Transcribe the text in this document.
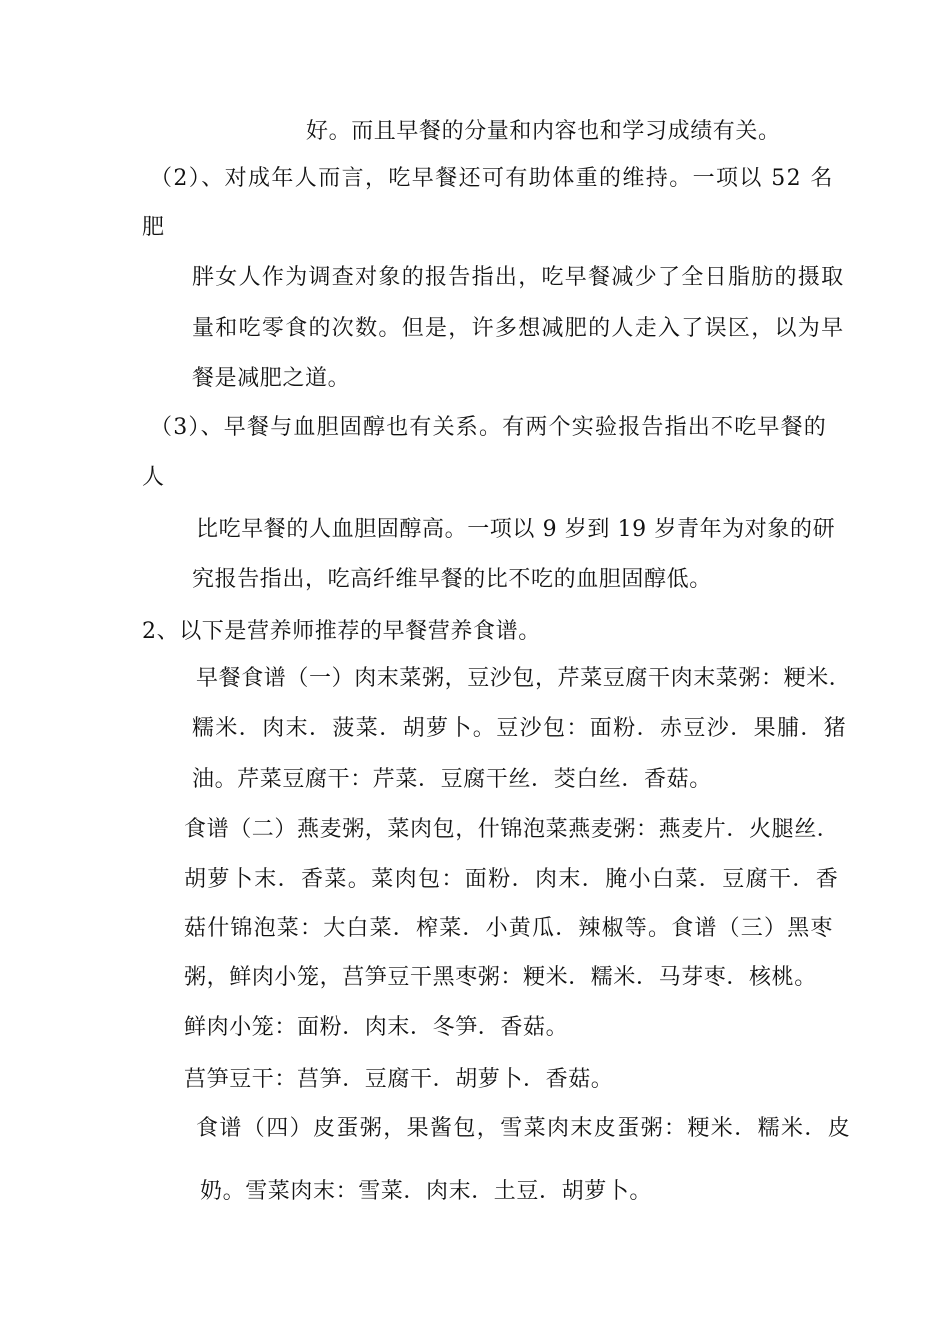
好。而且早餐的分量和内容也和学习成绩有关。

（2）、对成年人而言，吃早餐还可有助体重的维持。一项以 52 名

肥

胖女人作为调查对象的报告指出，吃早餐减少了全日脂肪的摄取

量和吃零食的次数。但是，许多想减肥的人走入了误区，以为早

餐是减肥之道。

（3）、早餐与血胆固醇也有关系。有两个实验报告指出不吃早餐的

人

比吃早餐的人血胆固醇高。一项以 9 岁到 19 岁青年为对象的研

究报告指出，吃高纤维早餐的比不吃的血胆固醇低。

2、以下是营养师推荐的早餐营养食谱。

早餐食谱（一）肉末菜粥，豆沙包，芹菜豆腐干肉末菜粥：粳米．

糯米．肉末．菠菜．胡萝卜。豆沙包：面粉．赤豆沙．果脯．猪

油。芹菜豆腐干：芹菜．豆腐干丝．茭白丝．香菇。

食谱（二）燕麦粥，菜肉包，什锦泡菜燕麦粥：燕麦片．火腿丝．

胡萝卜末．香菜。菜肉包：面粉．肉末．腌小白菜．豆腐干．香

菇什锦泡菜：大白菜．榨菜．小黄瓜．辣椒等。食谱（三）黑枣

粥，鲜肉小笼，莒笋豆干黑枣粥：粳米．糯米．马芽枣．核桃。

鲜肉小笼：面粉．肉末．冬笋．香菇。

莒笋豆干：莒笋．豆腐干．胡萝卜．香菇。

食谱（四）皮蛋粥，果酱包，雪菜肉末皮蛋粥：粳米．糯米．皮

奶。雪菜肉末：雪菜．肉末．土豆．胡萝卜。
